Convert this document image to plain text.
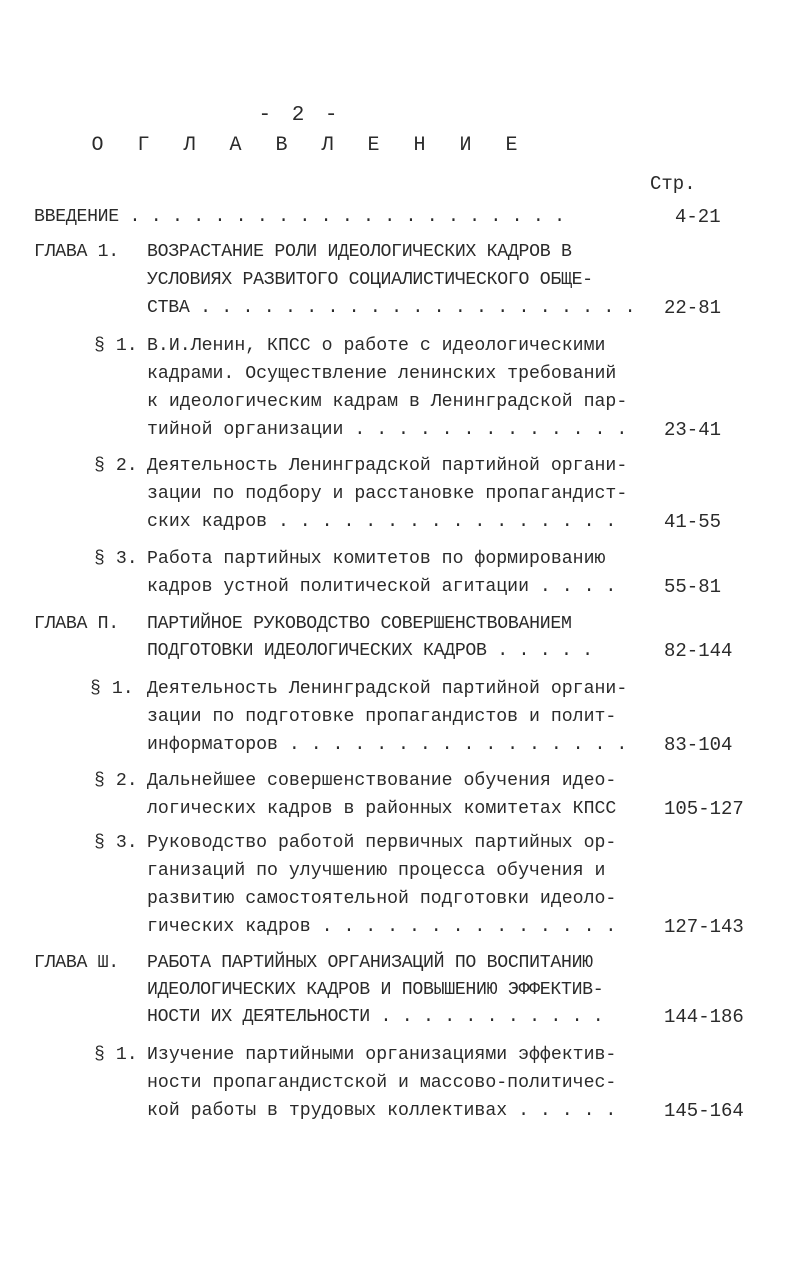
- 2 -
О Г Л А В Л Е Н И Е
Стр.
ВВЕДЕНИЕ . . . . . . . . . . . . . . . . . . . . .	4-21
ГЛАВА 1. ВОЗРАСТАНИЕ РОЛИ ИДЕОЛОГИЧЕСКИХ КАДРОВ В
УСЛОВИЯХ РАЗВИТОГО СОЦИАЛИСТИЧЕСКОГО ОБЩЕ-
СТВА . . . . . . . . . . . . . . . . . . . . . 22-81
§ 1. В.И.Ленин, КПСС о работе с идеологическими
кадрами. Осуществление ленинских требований
к идеологическим кадрам в Ленинградской пар-
тийной организации . . . . . . . . . . . . . 23-41
§ 2. Деятельность Ленинградской партийной органи-
зации по подбору и расстановке пропагандист-
ских кадров . . . . . . . . . . . . . . . .	41-55
§ 3. Работа партийных комитетов по формированию
кадров устной политической агитации . . . .	55-81
ГЛАВА П. ПАРТИЙНОЕ РУКОВОДСТВО СОВЕРШЕНСТВОВАНИЕМ
ПОДГОТОВКИ ИДЕОЛОГИЧЕСКИХ КАДРОВ . . . . .	82-144
§ 1. Деятельность Ленинградской партийной органи-
зации по подготовке пропагандистов и полит-
информаторов . . . . . . . . . . . . . . . . 83-104
§ 2. Дальнейшее совершенствование обучения идео-
логических кадров в районных комитетах КПСС	105-127
§ 3. Руководство работой первичных партийных ор-
ганизаций по улучшению процесса обучения и
развитию самостоятельной подготовки идеоло-
гических кадров . . . . . . . . . . . . . .	127-143
ГЛАВА Ш. РАБОТА ПАРТИЙНЫХ ОРГАНИЗАЦИЙ ПО ВОСПИТАНИЮ
ИДЕОЛОГИЧЕСКИХ КАДРОВ И ПОВЫШЕНИЮ ЭФФЕКТИВ-
НОСТИ ИХ ДЕЯТЕЛЬНОСТИ . . . . . . . . . . .	144-186
§ 1. Изучение партийными организациями эффектив-
ности пропагандистской и массово-политичес-
кой работы в трудовых коллективах . . . . .	145-164
